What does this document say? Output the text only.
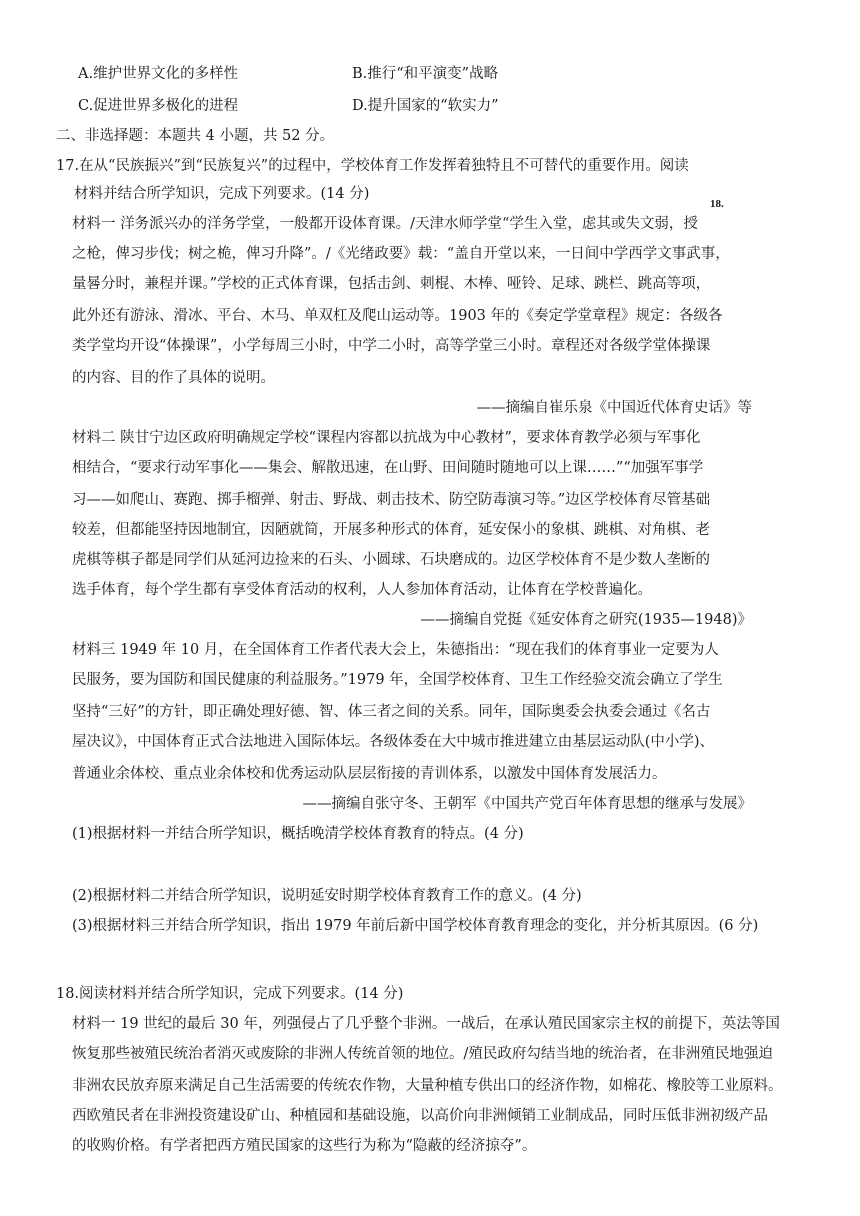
A.维护世界文化的多样性	B.推行“和平演变”战略
C.促进世界多极化的进程	D.提升国家的“软实力”
二、非选择题：本题共 4 小题，共 52 分。
17.在从“民族振兴”到“民族复兴”的过程中，学校体育工作发挥着独特且不可替代的重要作用。阅读
材料并结合所学知识，完成下列要求。(14 分)
18.
材料一 洋务派兴办的洋务学堂，一般都开设体育课。/天津水师学堂“学生入堂，虑其或失文弱，授
之枪，俾习步伐；树之桅，俾习升降”。/《光绪政要》载：“盖自开堂以来，一日间中学西学文事武事，
量晷分时，兼程并课。”学校的正式体育课，包括击剑、刺棍、木棒、哑铃、足球、跳栏、跳高等项，
此外还有游泳、滑冰、平台、木马、单双杠及爬山运动等。1903 年的《奏定学堂章程》规定：各级各
类学堂均开设“体操课”，小学每周三小时，中学二小时，高等学堂三小时。章程还对各级学堂体操课
的内容、目的作了具体的说明。
——摘编自崔乐泉《中国近代体育史话》等
材料二 陕甘宁边区政府明确规定学校“课程内容都以抗战为中心教材”，要求体育教学必须与军事化
相结合，“要求行动军事化——集会、解散迅速，在山野、田间随时随地可以上课……”“加强军事学
习——如爬山、赛跑、掷手榴弹、射击、野战、刺击技术、防空防毒演习等。”边区学校体育尽管基础
较差，但都能坚持因地制宜，因陋就简，开展多种形式的体育，延安保小的象棋、跳棋、对角棋、老
虎棋等棋子都是同学们从延河边捡来的石头、小圆球、石块磨成的。边区学校体育不是少数人垄断的
选手体育，每个学生都有享受体育活动的权利，人人参加体育活动，让体育在学校普遍化。
——摘编自党挺《延安体育之研究(1935—1948)》
材料三 1949 年 10 月，在全国体育工作者代表大会上，朱德指出：“现在我们的体育事业一定要为人
民服务，要为国防和国民健康的利益服务。”1979 年，全国学校体育、卫生工作经验交流会确立了学生
坚持“三好”的方针，即正确处理好德、智、体三者之间的关系。同年，国际奥委会执委会通过《名古
屋决议》，中国体育正式合法地进入国际体坛。各级体委在大中城市推进建立由基层运动队(中小学)、
普通业余体校、重点业余体校和优秀运动队层层衔接的青训体系，以激发中国体育发展活力。
——摘编自张守冬、王朝军《中国共产党百年体育思想的继承与发展》
(1)根据材料一并结合所学知识，概括晚清学校体育教育的特点。(4 分)
(2)根据材料二并结合所学知识，说明延安时期学校体育教育工作的意义。(4 分)
(3)根据材料三并结合所学知识，指出 1979 年前后新中国学校体育教育理念的变化，并分析其原因。(6 分)
18.阅读材料并结合所学知识，完成下列要求。(14 分)
材料一 19 世纪的最后 30 年，列强侵占了几乎整个非洲。一战后，在承认殖民国家宗主权的前提下，英法等国
恢复那些被殖民统治者消灭或废除的非洲人传统首领的地位。/殖民政府勾结当地的统治者，在非洲殖民地强迫
非洲农民放弃原来满足自己生活需要的传统农作物，大量种植专供出口的经济作物，如棉花、橡胶等工业原料。
西欧殖民者在非洲投资建设矿山、种植园和基础设施，以高价向非洲倾销工业制成品，同时压低非洲初级产品
的收购价格。有学者把西方殖民国家的这些行为称为“隐蔽的经济掠夺”。
